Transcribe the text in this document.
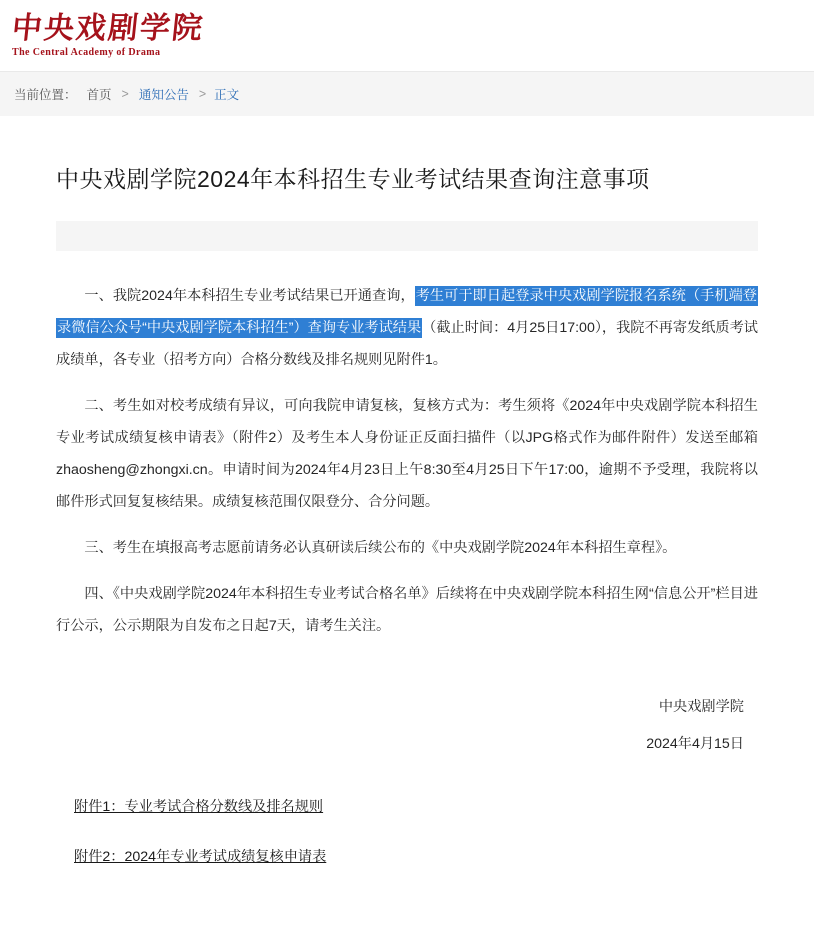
中央戏剧学院
The Central Academy of Drama
当前位置： 首页 > 通知公告 > 正文
中央戏剧学院2024年本科招生专业考试结果查询注意事项

一、我院2024年本科招生专业考试结果已开通查询，考生可于即日起登录中央戏剧学院报名系统（手机端登录微信公众号“中央戏剧学院本科招生”）查询专业考试结果（截止时间：4月25日17:00），我院不再寄发纸质考试成绩单，各专业（招考方向）合格分数线及排名规则见附件1。

二、考生如对校考成绩有异议，可向我院申请复核，复核方式为：考生须将《2024年中央戏剧学院本科招生专业考试成绩复核申请表》（附件2）及考生本人身份证正反面扫描件（以JPG格式作为邮件附件）发送至邮箱zhaosheng@zhongxi.cn。申请时间为2024年4月23日上午8:30至4月25日下午17:00，逾期不予受理，我院将以邮件形式回复复核结果。成绩复核范围仅限登分、合分问题。

三、考生在填报高考志愿前请务必认真研读后续公布的《中央戏剧学院2024年本科招生章程》。

四、《中央戏剧学院2024年本科招生专业考试合格名单》后续将在中央戏剧学院本科招生网“信息公开”栏目进行公示，公示期限为自发布之日起7天，请考生关注。

中央戏剧学院
2024年4月15日
附件1：专业考试合格分数线及排名规则
附件2：2024年专业考试成绩复核申请表
